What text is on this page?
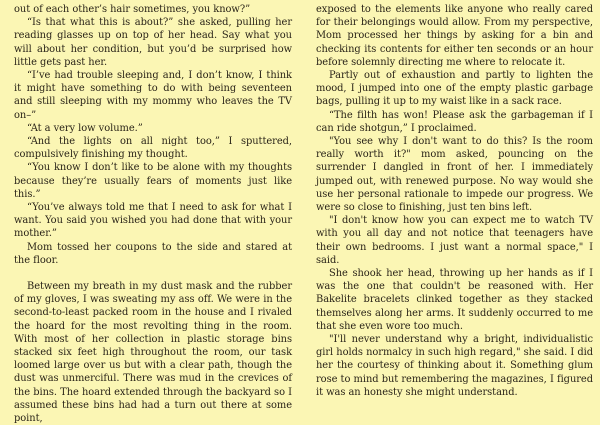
out of each other’s hair sometimes, you know?”

“Is that what this is about?” she asked, pulling her reading glasses up on top of her head. Say what you will about her condition, but you’d be surprised how little gets past her.

“I’ve had trouble sleeping and, I don’t know, I think it might have something to do with being seventeen and still sleeping with my mommy who leaves the TV on–”

“At a very low volume.”

“And the lights on all night too,” I sputtered, compulsively finishing my thought.

“You know I don’t like to be alone with my thoughts because they’re usually fears of moments just like this.”

“You’ve always told me that I need to ask for what I want. You said you wished you had done that with your mother.”

Mom tossed her coupons to the side and stared at the floor.

Between my breath in my dust mask and the rubber of my gloves, I was sweating my ass off. We were in the second-to-least packed room in the house and I rivaled the hoard for the most revolting thing in the room. With most of her collection in plastic storage bins stacked six feet high throughout the room, our task loomed large over us but with a clear path, though the dust was unmerciful. There was mud in the crevices of the bins. The hoard extended through the backyard so I assumed these bins had had a turn out there at some point,

exposed to the elements like anyone who really cared for their belongings would allow. From my perspective, Mom processed her things by asking for a bin and checking its contents for either ten seconds or an hour before solemnly directing me where to relocate it.

Partly out of exhaustion and partly to lighten the mood, I jumped into one of the empty plastic garbage bags, pulling it up to my waist like in a sack race.

“The filth has won! Please ask the garbageman if I can ride shotgun,” I proclaimed.

"You see why I don't want to do this? Is the room really worth it?" mom asked, pouncing on the surrender I dangled in front of her. I immediately jumped out, with renewed purpose. No way would she use her personal rationale to impede our progress. We were so close to finishing, just ten bins left.

"I don't know how you can expect me to watch TV with you all day and not notice that teenagers have their own bedrooms. I just want a normal space," I said.

She shook her head, throwing up her hands as if I was the one that couldn't be reasoned with. Her Bakelite bracelets clinked together as they stacked themselves along her arms. It suddenly occurred to me that she even wore too much.

"I'll never understand why a bright, individualistic girl holds normalcy in such high regard," she said. I did her the courtesy of thinking about it. Something glum rose to mind but remembering the magazines, I figured it was an honesty she might understand.
